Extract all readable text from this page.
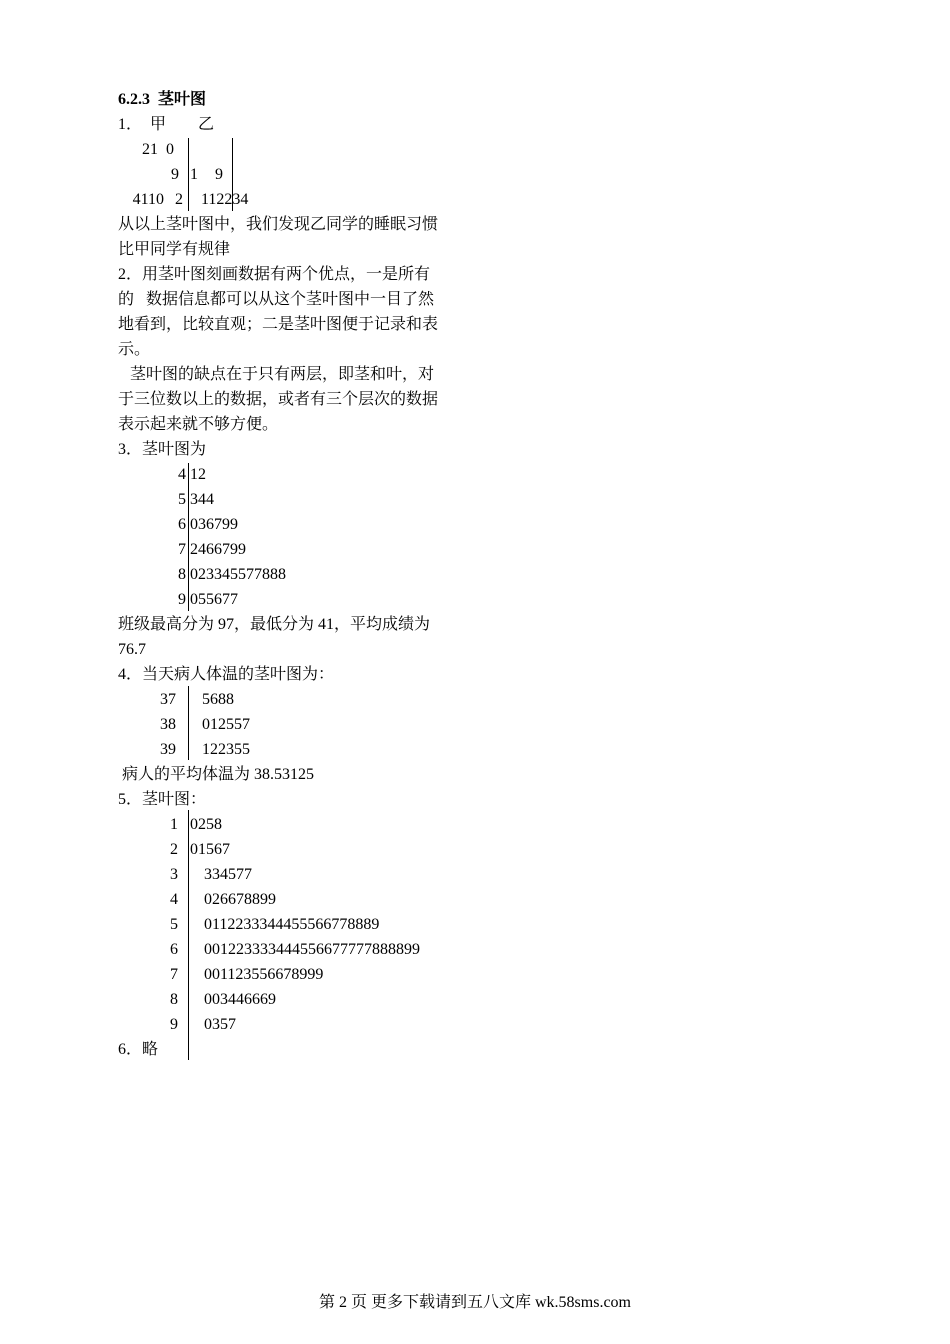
6.2.3  茎叶图
1．  甲        乙
21 0
9 1 9
4110 2 112234
从以上茎叶图中，我们发现乙同学的睡眠习惯
比甲同学有规律
2．用茎叶图刻画数据有两个优点，一是所有
的   数据信息都可以从这个茎叶图中一目了然
地看到，比较直观；二是茎叶图便于记录和表
示。
茎叶图的缺点在于只有两层，即茎和叶，对
于三位数以上的数据，或者有三个层次的数据
表示起来就不够方便。
3．茎叶图为
4 12
5 344
6 036799
7 2466799
8 023345577888
9 055677
班级最高分为 97，最低分为 41，平均成绩为
76.7
4．当天病人体温的茎叶图为：
37 5688
38 012557
39 122355
病人的平均体温为 38.53125
5．茎叶图：
1 0258
2 01567
3 334577
4 026678899
5 0112233344455566778889
6 001223333444556677777888899
7 001123556678999
8 003446669
9 0357
6．略
第 2 页 更多下载请到五八文库 wk.58sms.com
